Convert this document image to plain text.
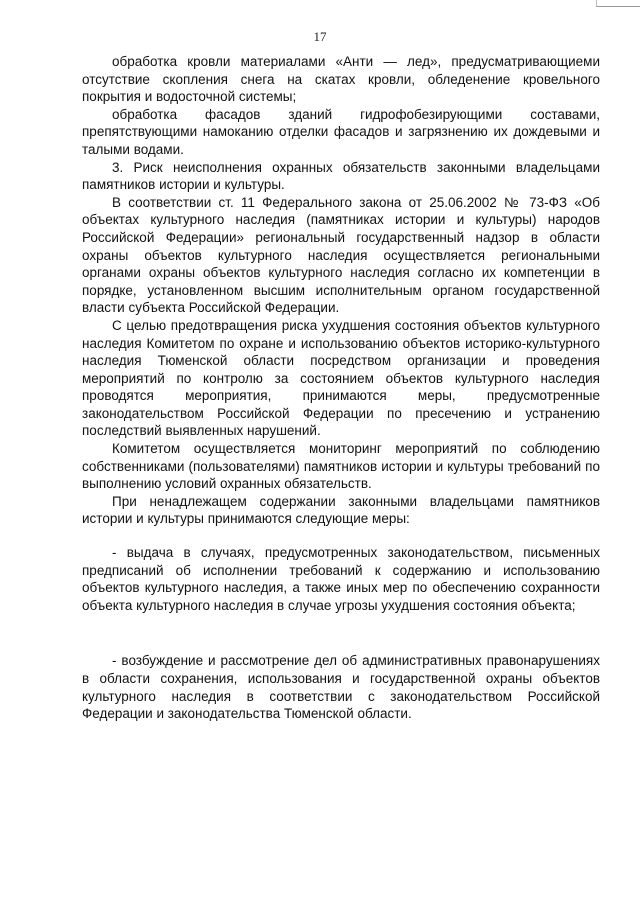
17

обработка кровли материалами «Анти — лед», предусматривающиеми отсутствие скопления снега на скатах кровли, обледенение кровельного покрытия и водосточной системы;

обработка фасадов зданий гидрофобезирующими составами, препятствующими намоканию отделки фасадов и загрязнению их дождевыми и талыми водами.

3. Риск неисполнения охранных обязательств законными владельцами памятников истории и культуры.

В соответствии ст. 11 Федерального закона от 25.06.2002 № 73-ФЗ «Об объектах культурного наследия (памятниках истории и культуры) народов Российской Федерации» региональный государственный надзор в области охраны объектов культурного наследия осуществляется региональными органами охраны объектов культурного наследия согласно их компетенции в порядке, установленном высшим исполнительным органом государственной власти субъекта Российской Федерации.

С целью предотвращения риска ухудшения состояния объектов культурного наследия Комитетом по охране и использованию объектов историко-культурного наследия Тюменской области посредством организации и проведения мероприятий по контролю за состоянием объектов культурного наследия проводятся мероприятия, принимаются меры, предусмотренные законодательством Российской Федерации по пресечению и устранению последствий выявленных нарушений.

Комитетом осуществляется мониторинг мероприятий по соблюдению собственниками (пользователями) памятников истории и культуры требований по выполнению условий охранных обязательств.

При ненадлежащем содержании законными владельцами памятников истории и культуры принимаются следующие меры:

- выдача в случаях, предусмотренных законодательством, письменных предписаний об исполнении требований к содержанию и использованию объектов культурного наследия, а также иных мер по обеспечению сохранности объекта культурного наследия в случае угрозы ухудшения состояния объекта;

- возбуждение и рассмотрение дел об административных правонарушениях в области сохранения, использования и государственной охраны объектов культурного наследия в соответствии с законодательством Российской Федерации и законодательства Тюменской области.
